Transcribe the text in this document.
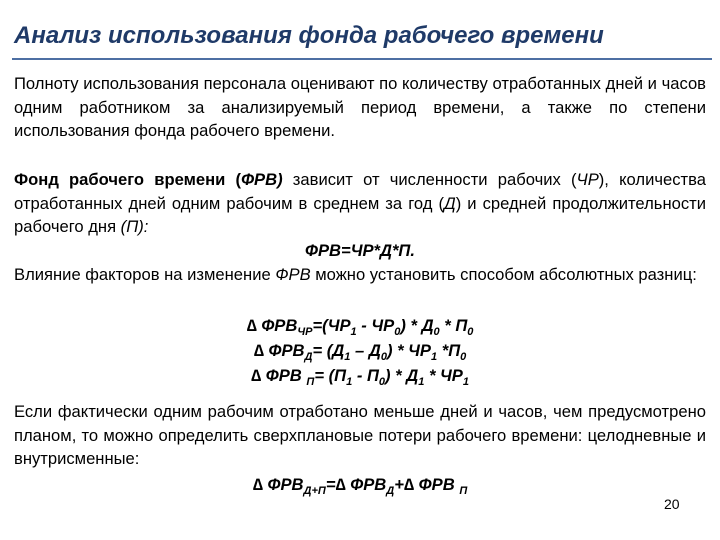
Анализ использования фонда рабочего времени
Полноту использования персонала оценивают по количеству отработанных дней и часов одним работником за анализируемый период времени, а также по степени использования фонда рабочего времени.
Фонд рабочего времени (ФРВ) зависит от численности рабочих (ЧР), количества отработанных дней одним рабочим в среднем за год (Д) и средней продолжительности рабочего дня (П):
ФРВ=ЧР*Д*П.
Влияние факторов на изменение ФРВ можно установить способом абсолютных разниц:
∆ $ФРВ_{ЧР}=(ЧР_1 - ЧР_0) * Д_0 * П_0$
∆ $ФРВ_Д= (Д_1 - Д_0) * ЧР_1$ $*П_0$
∆ ФРВ $_П= (П_1 - П_0) * Д_1 * ЧР_1$
Если фактически одним рабочим отработано меньше дней и часов, чем предусмотрено планом, то можно определить сверхплановые потери рабочего времени: целодневные и внутрисменные:
∆ $ФРВ_{Д+П}=\Delta$ $ФРВ_Д+\Delta$ ФРВ $_П$
20
